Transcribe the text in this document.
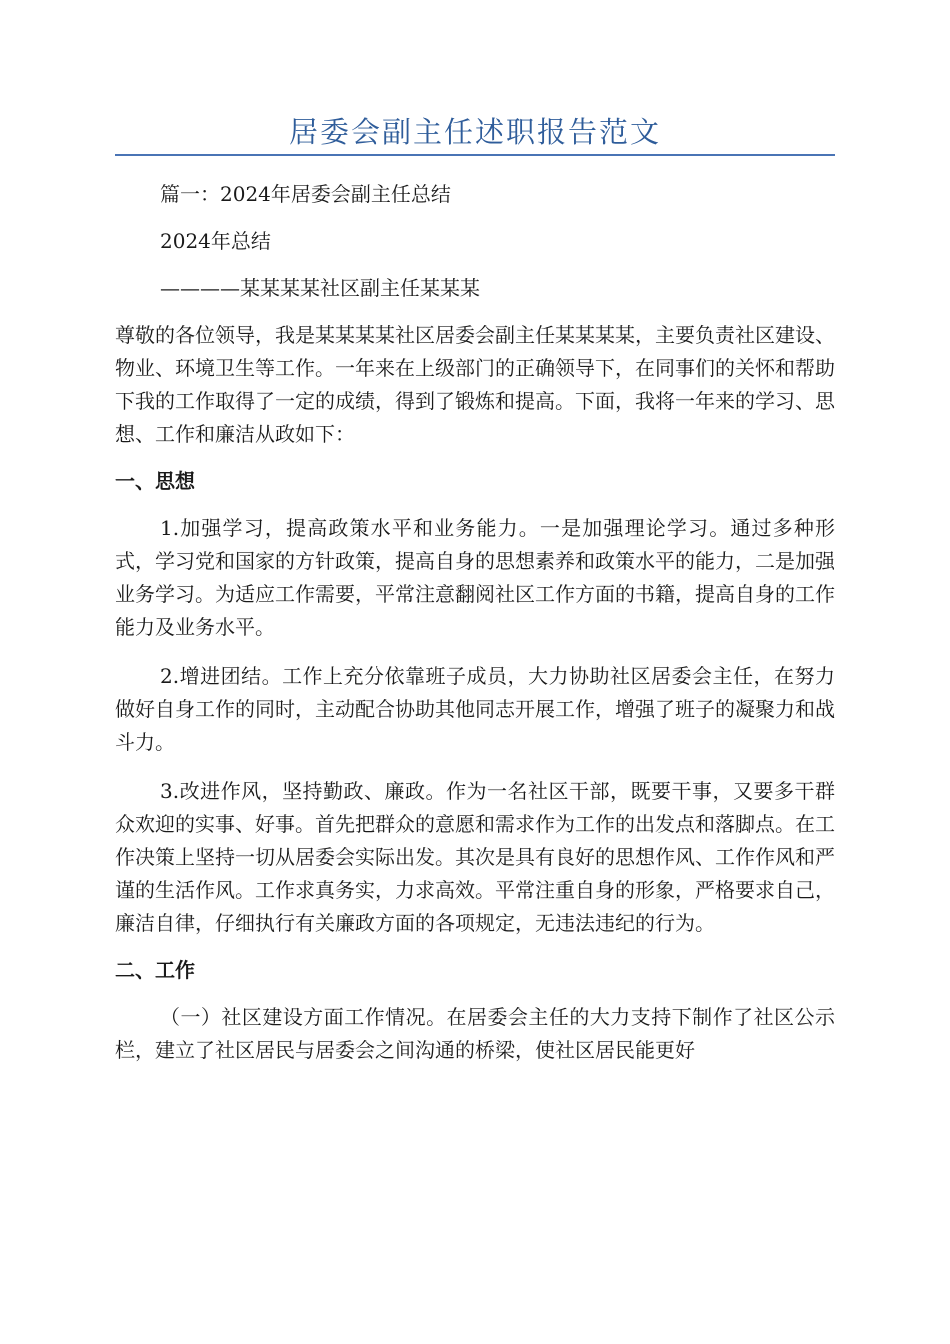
居委会副主任述职报告范文

篇一：2024年居委会副主任总结

2024年总结

————某某某某社区副主任某某某

尊敬的各位领导，我是某某某某社区居委会副主任某某某某，主要负责社区建设、物业、环境卫生等工作。一年来在上级部门的正确领导下，在同事们的关怀和帮助下我的工作取得了一定的成绩，得到了锻炼和提高。下面，我将一年来的学习、思想、工作和廉洁从政如下：

一、思想

1.加强学习，提高政策水平和业务能力。一是加强理论学习。通过多种形式，学习党和国家的方针政策，提高自身的思想素养和政策水平的能力，二是加强业务学习。为适应工作需要，平常注意翻阅社区工作方面的书籍，提高自身的工作能力及业务水平。

2.增进团结。工作上充分依靠班子成员，大力协助社区居委会主任，在努力做好自身工作的同时，主动配合协助其他同志开展工作，增强了班子的凝聚力和战斗力。

3.改进作风，坚持勤政、廉政。作为一名社区干部，既要干事，又要多干群众欢迎的实事、好事。首先把群众的意愿和需求作为工作的出发点和落脚点。在工作决策上坚持一切从居委会实际出发。其次是具有良好的思想作风、工作作风和严谨的生活作风。工作求真务实，力求高效。平常注重自身的形象，严格要求自己，廉洁自律，仔细执行有关廉政方面的各项规定，无违法违纪的行为。

二、工作

（一）社区建设方面工作情况。在居委会主任的大力支持下制作了社区公示栏，建立了社区居民与居委会之间沟通的桥梁，使社区居民能更好
